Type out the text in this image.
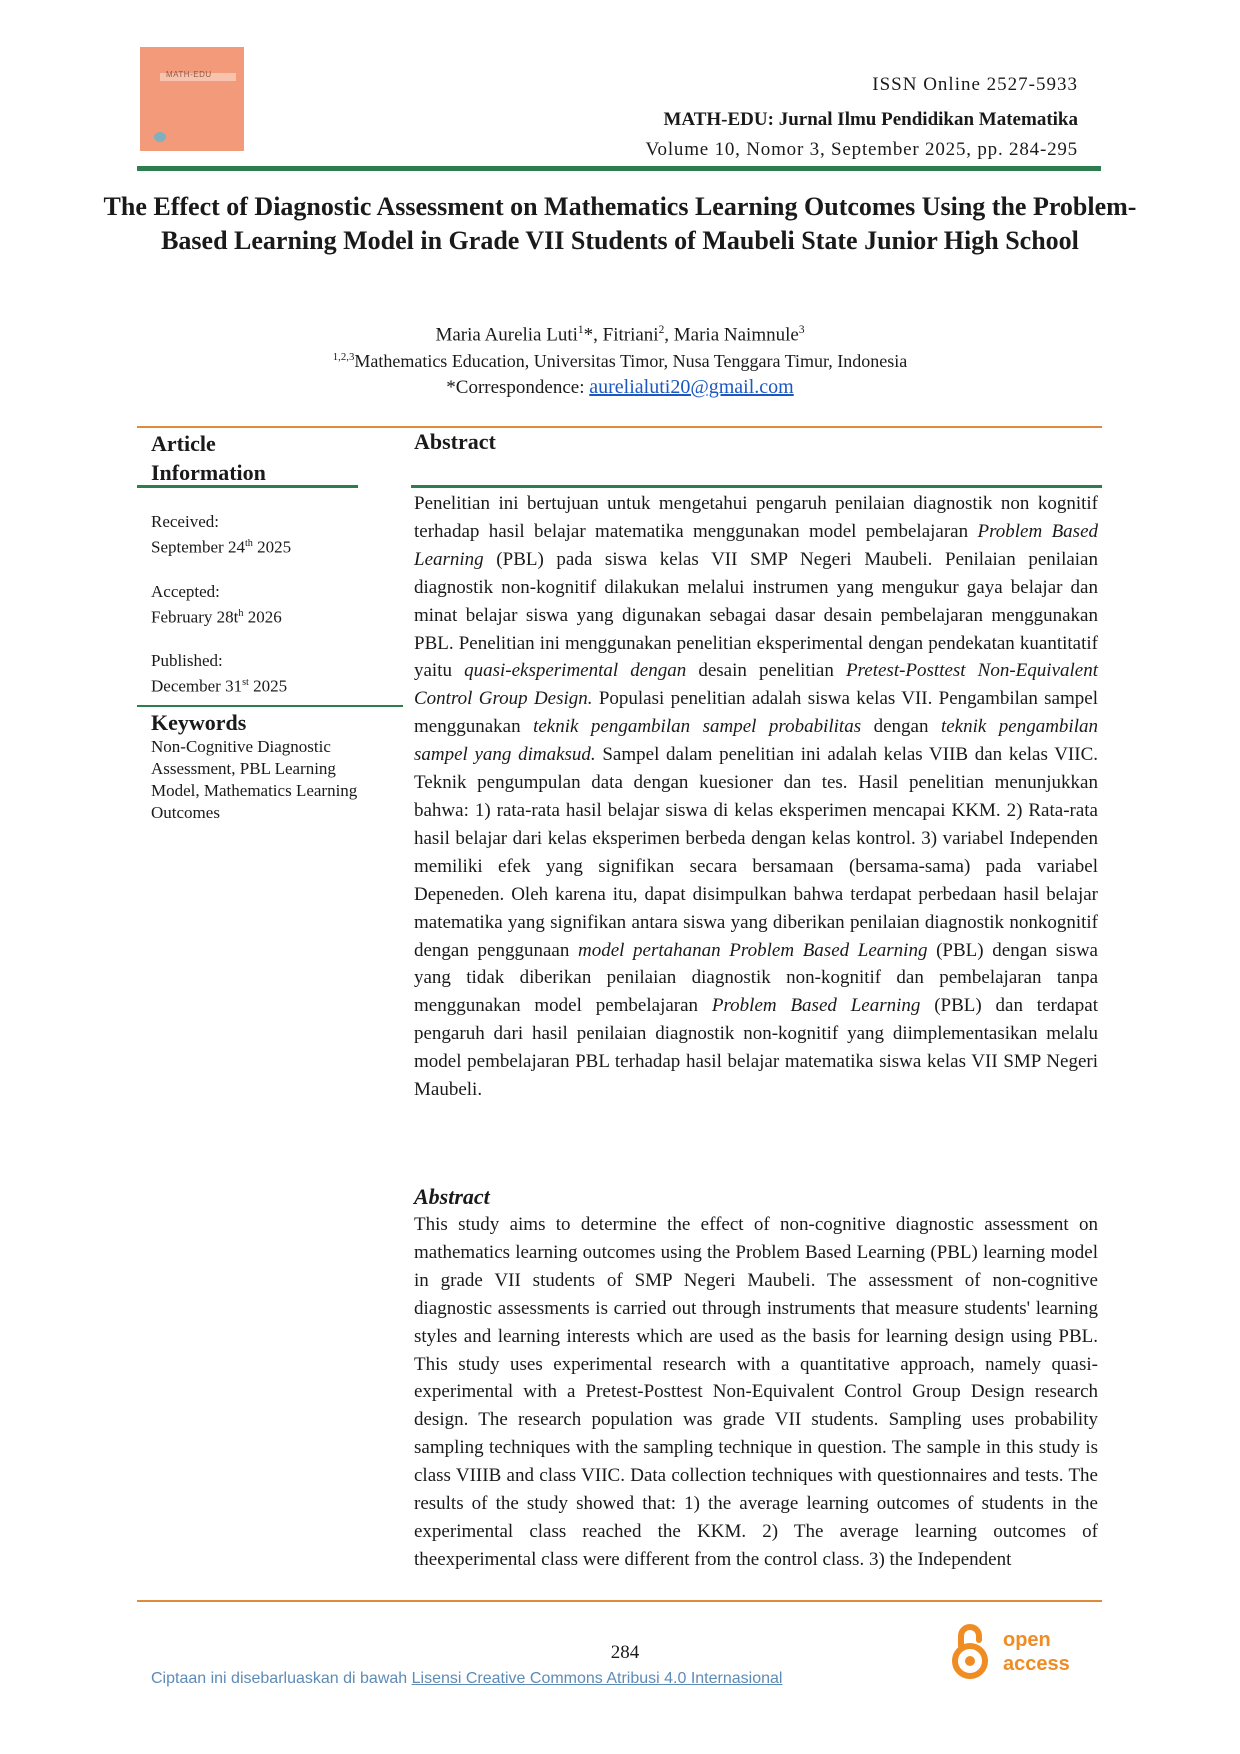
MATH-EDU	ISSN Online 2527-5933
MATH-EDU: Jurnal Ilmu Pendidikan Matematika
Volume 10, Nomor 3, September 2025, pp. 284-295
The Effect of Diagnostic Assessment on Mathematics Learning Outcomes Using the Problem-Based Learning Model in Grade VII Students of Maubeli State Junior High School
Maria Aurelia Luti$^1$*, Fitriani$^2$, Maria Naimnule$^3$
$^{1,2,3}$Mathematics Education, Universitas Timor, Nusa Tenggara Timur, Indonesia
*Correspondence: aurelialuti20@gmail.com
Article
Information
Abstract
Received:
September 24th 2025
Accepted:
February $28t^h$ 2026
Published:
December 31st 2025
Keywords
Non-Cognitive Diagnostic Assessment, PBL Learning Model, Mathematics Learning Outcomes
Penelitian ini bertujuan untuk mengetahui pengaruh penilaian diagnostik non kognitif terhadap hasil belajar matematika menggunakan model pembelajaran Problem Based Learning (PBL) pada siswa kelas VII SMP Negeri Maubeli. Penilaian penilaian diagnostik non-kognitif dilakukan melalui instrumen yang mengukur gaya belajar dan minat belajar siswa yang digunakan sebagai dasar desain pembelajaran menggunakan PBL. Penelitian ini menggunakan penelitian eksperimental dengan pendekatan kuantitatif yaitu quasi-eksperimental dengan desain penelitian Pretest-Posttest Non-Equivalent Control Group Design. Populasi penelitian adalah siswa kelas VII. Pengambilan sampel menggunakan teknik pengambilan sampel probabilitas dengan teknik pengambilan sampel yang dimaksud. Sampel dalam penelitian ini adalah kelas VIIB dan kelas VIIC. Teknik pengumpulan data dengan kuesioner dan tes. Hasil penelitian menunjukkan bahwa: 1) rata-rata hasil belajar siswa di kelas eksperimen mencapai KKM. 2) Rata-rata hasil belajar dari kelas eksperimen berbeda dengan kelas kontrol. 3) variabel Independen memiliki efek yang signifikan secara bersamaan (bersama-sama) pada variabel Depeneden. Oleh karena itu, dapat disimpulkan bahwa terdapat perbedaan hasil belajar matematika yang signifikan antara siswa yang diberikan penilaian diagnostik nonkognitif dengan penggunaan model pertahanan Problem Based Learning (PBL) dengan siswa yang tidak diberikan penilaian diagnostik non-kognitif dan pembelajaran tanpa menggunakan model pembelajaran Problem Based Learning (PBL) dan terdapat pengaruh dari hasil penilaian diagnostik non-kognitif yang diimplementasikan melalu model pembelajaran PBL terhadap hasil belajar matematika siswa kelas VII SMP Negeri Maubeli.
Abstract
This study aims to determine the effect of non-cognitive diagnostic assessment on mathematics learning outcomes using the Problem Based Learning (PBL) learning model in grade VII students of SMP Negeri Maubeli. The assessment of non-cognitive diagnostic assessments is carried out through instruments that measure students' learning styles and learning interests which are used as the basis for learning design using PBL. This study uses experimental research with a quantitative approach, namely quasi-experimental with a Pretest-Posttest Non-Equivalent Control Group Design research design. The research population was grade VII students. Sampling uses probability sampling techniques with the sampling technique in question. The sample in this study is class VIIIB and class VIIC. Data collection techniques with questionnaires and tests. The results of the study showed that: 1) the average learning outcomes of students in the experimental class reached the KKM. 2) The average learning outcomes of theexperimental class were different from the control class. 3) the Independent
284
Ciptaan ini disebarluaskan di bawah Lisensi Creative Commons Atribusi 4.0 Internasional
open
access
